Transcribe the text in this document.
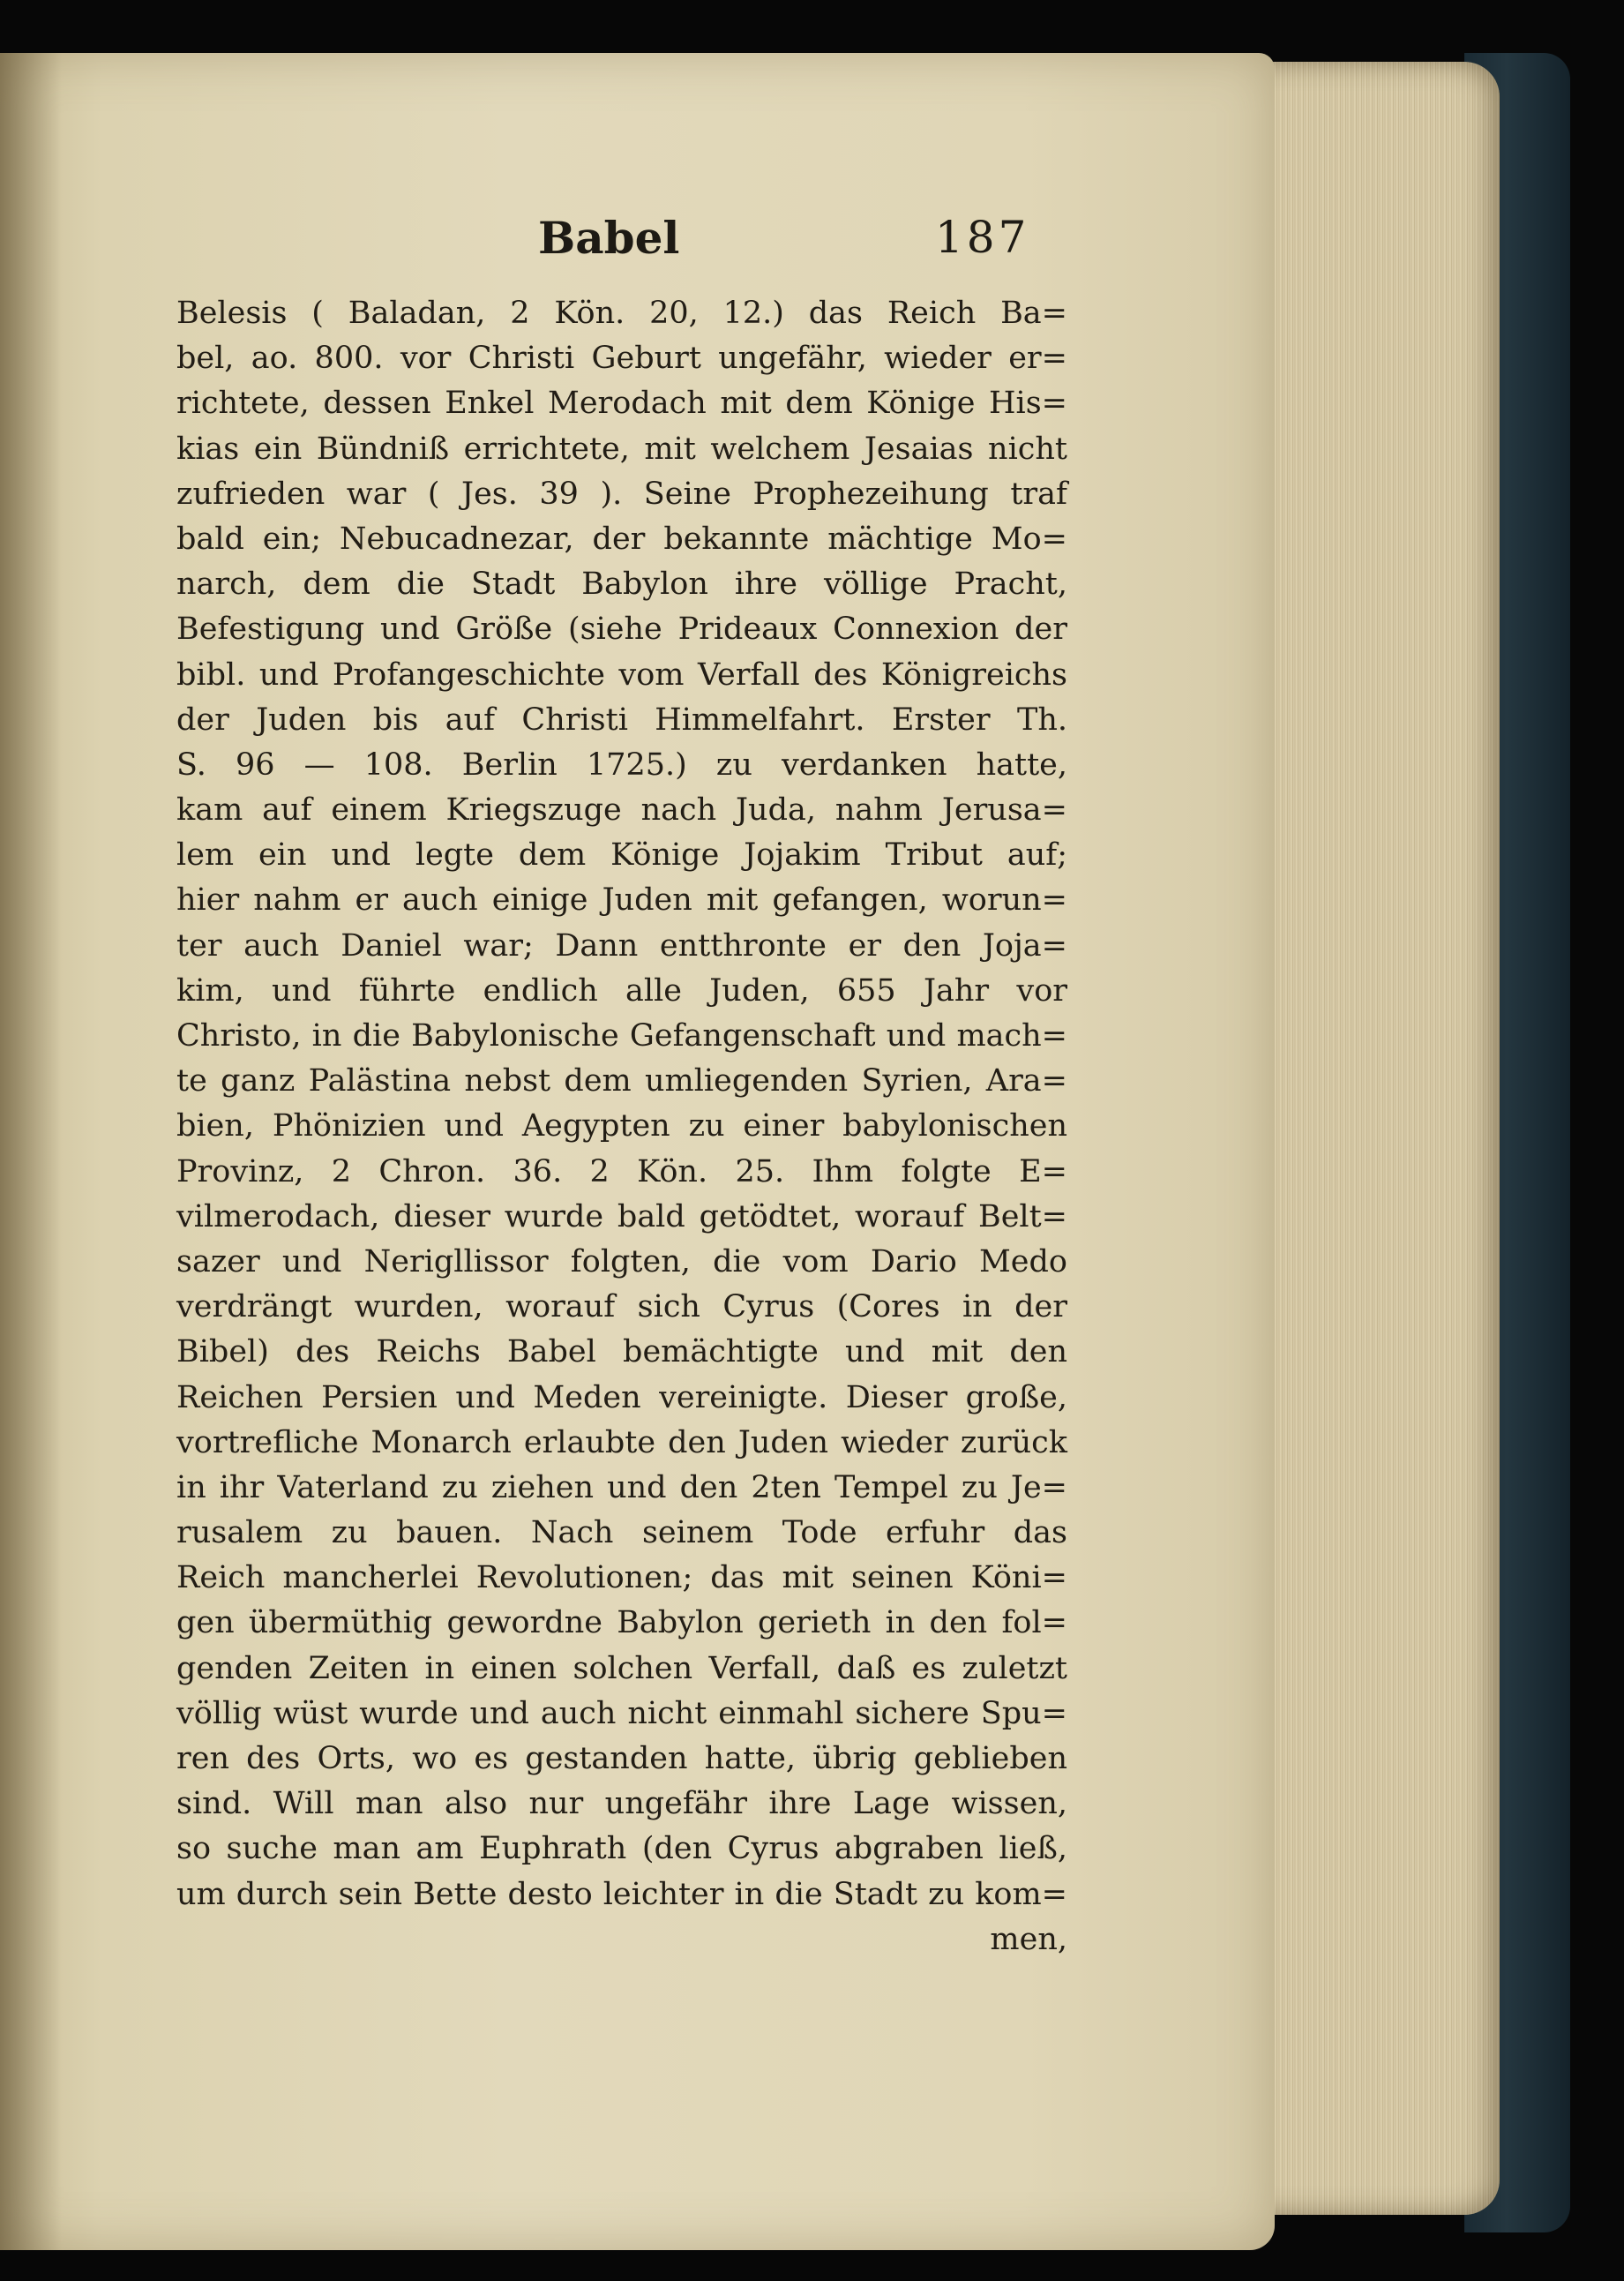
Babel	187
Belesis ( Baladan, 2 Kön. 20, 12.) das Reich Ba=
bel, ao. 800. vor Christi Geburt ungefähr, wieder er=
richtete, dessen Enkel Merodach mit dem Könige His=
kias ein Bündniß errichtete, mit welchem Jesaias nicht
zufrieden war ( Jes. 39 ). Seine Prophezeihung traf
bald ein; Nebucadnezar, der bekannte mächtige Mo=
narch, dem die Stadt Babylon ihre völlige Pracht,
Befestigung und Größe (siehe Prideaux Connexion der
bibl. und Profangeschichte vom Verfall des Königreichs
der Juden bis auf Christi Himmelfahrt. Erster Th.
S. 96 — 108. Berlin 1725.) zu verdanken hatte,
kam auf einem Kriegszuge nach Juda, nahm Jerusa=
lem ein und legte dem Könige Jojakim Tribut auf;
hier nahm er auch einige Juden mit gefangen, worun=
ter auch Daniel war; Dann entthronte er den Joja=
kim, und führte endlich alle Juden, 655 Jahr vor
Christo, in die Babylonische Gefangenschaft und mach=
te ganz Palästina nebst dem umliegenden Syrien, Ara=
bien, Phönizien und Aegypten zu einer babylonischen
Provinz, 2 Chron. 36. 2 Kön. 25. Ihm folgte E=
vilmerodach, dieser wurde bald getödtet, worauf Belt=
sazer und Nerigllissor folgten, die vom Dario Medo
verdrängt wurden, worauf sich Cyrus (Cores in der
Bibel) des Reichs Babel bemächtigte und mit den
Reichen Persien und Meden vereinigte. Dieser große,
vortrefliche Monarch erlaubte den Juden wieder zurück
in ihr Vaterland zu ziehen und den 2ten Tempel zu Je=
rusalem zu bauen. Nach seinem Tode erfuhr das
Reich mancherlei Revolutionen; das mit seinen Köni=
gen übermüthig gewordne Babylon gerieth in den fol=
genden Zeiten in einen solchen Verfall, daß es zuletzt
völlig wüst wurde und auch nicht einmahl sichere Spu=
ren des Orts, wo es gestanden hatte, übrig geblieben
sind. Will man also nur ungefähr ihre Lage wissen,
so suche man am Euphrath (den Cyrus abgraben ließ,
um durch sein Bette desto leichter in die Stadt zu kom=
men,
